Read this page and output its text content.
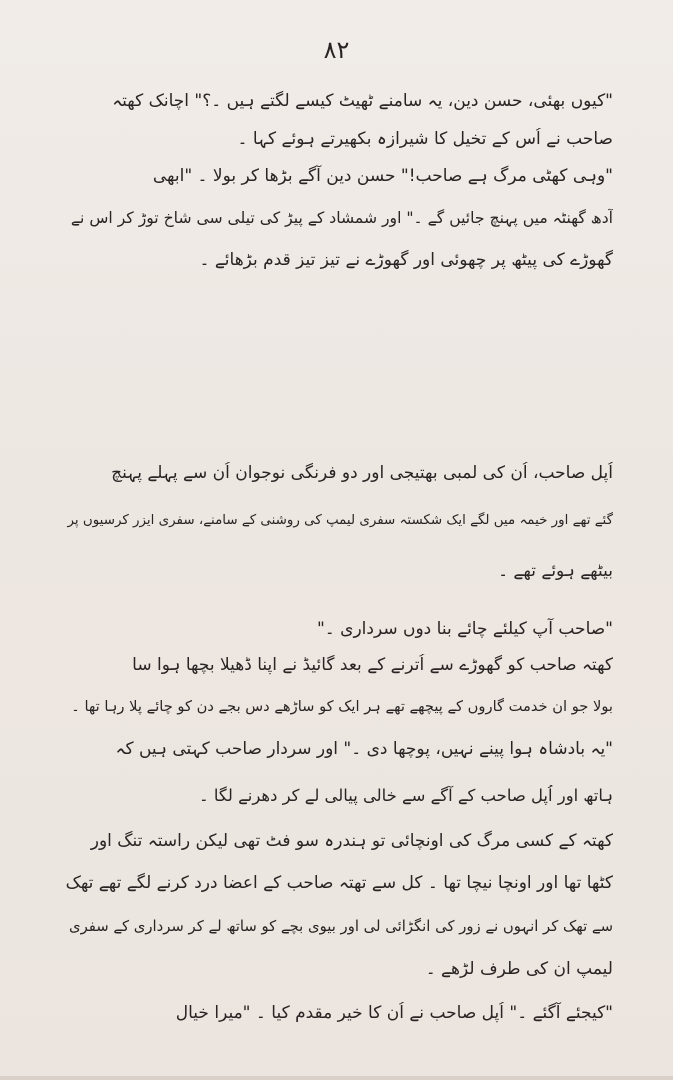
۸۲
"کیوں بھئی، حسن دین، یہ سامنے ٹھیٹ کیسے لگتے ہیں ۔؟" اچانک کھتہ
صاحب نے اُس کے تخیل کا شیرازہ بکھیرتے ہوئے کہا ۔
"وہی کھٹی مرگ ہے صاحب!" حسن دین آگے بڑھا کر بولا ۔ "ابھی
آدھ گھنٹہ میں پہنچ جائیں گے ۔" اور شمشاد کے پیڑ کی تیلی سی شاخ توڑ کر اس نے
گھوڑے کی پیٹھ پر چھوئی اور گھوڑے نے تیز تیز قدم بڑھائے ۔
اُپل صاحب، اُن کی لمبی بھتیجی اور دو فرنگی نوجوان اُن سے پہلے پہنچ
گئے تھے اور خیمہ میں لگے ایک شکستہ سفری لیمپ کی روشنی کے سامنے، سفری ایزر کرسیوں پر
بیٹھے ہوئے تھے ۔
"صاحب آپ کیلئے چائے بنا دوں سرداری ۔"
کھتہ صاحب کو گھوڑے سے اُترنے کے بعد گائیڈ نے اپنا ڈھیلا بچھا ہوا سا
بولا جو ان خدمت گاروں کے پیچھے تھے ہر ایک کو ساڑھے دس بجے دن کو چائے پلا رہا تھا ۔
"یہ بادشاہ ہوا پینے نہیں، پوچھا دی ۔" اور سردار صاحب کہتی ہیں کہ
ہاتھ اور اُپل صاحب کے آگے سے خالی پیالی لے کر دھرنے لگا ۔
کھتہ کے کسی مرگ کی اونچائی تو ہندرہ سو فٹ تھی لیکن راستہ تنگ اور
کٹھا تھا اور اونچا نیچا تھا ۔ کل سے تھتہ صاحب کے اعضا درد کرنے لگے تھے تھک
سے تھک کر انہوں نے زور کی انگڑائی لی اور بیوی بچے کو ساتھ لے کر سرداری کے سفری
لیمپ ان کی طرف لڑھے ۔
"کیجئے آگئے ۔" اُپل صاحب نے اُن کا خیر مقدم کیا ۔ "میرا خیال
